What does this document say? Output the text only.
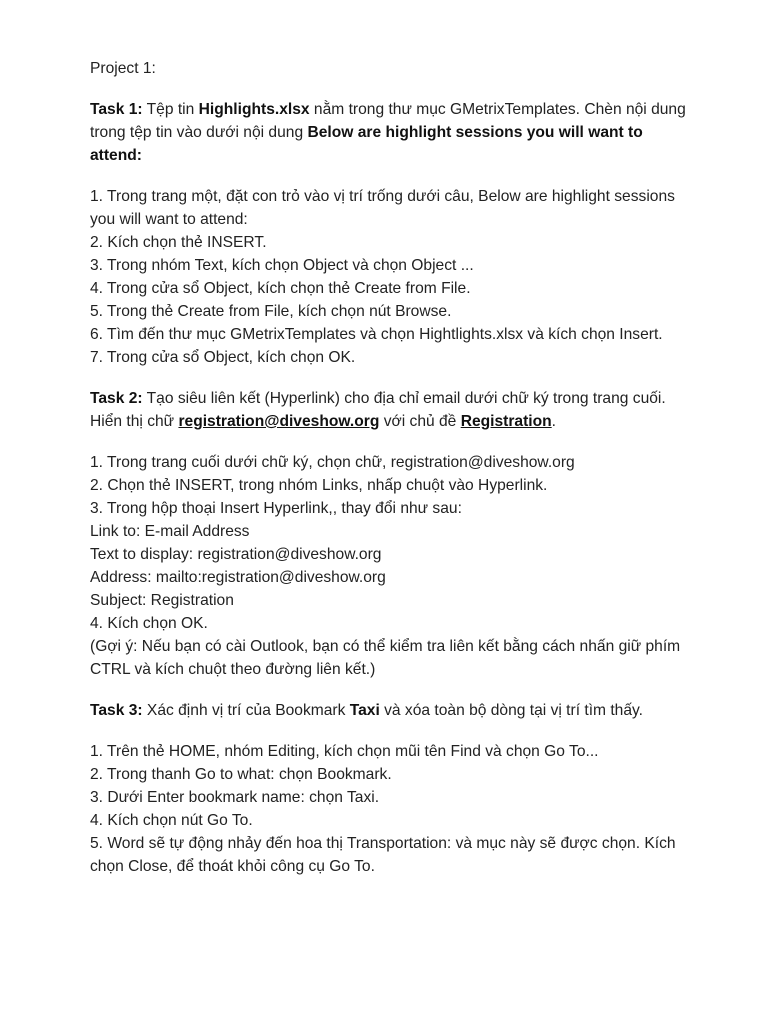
Project 1:

Task 1: Tệp tin Highlights.xlsx nằm trong thư mục GMetrixTemplates. Chèn nội dung trong tệp tin vào dưới nội dung Below are highlight sessions you will want to attend:

1. Trong trang một, đặt con trỏ vào vị trí trống dưới câu, Below are highlight sessions you will want to attend:

2. Kích chọn thẻ INSERT.

3. Trong nhóm Text, kích chọn Object và chọn Object ...

4. Trong cửa sổ Object, kích chọn thẻ Create from File.

5. Trong thẻ Create from File, kích chọn nút Browse.

6. Tìm đến thư mục GMetrixTemplates và chọn Hightlights.xlsx và kích chọn Insert.

7. Trong cửa sổ Object, kích chọn OK.

Task 2: Tạo siêu liên kết (Hyperlink) cho địa chỉ email dưới chữ ký trong trang cuối. Hiển thị chữ registration@diveshow.org với chủ đề Registration.

1. Trong trang cuối dưới chữ ký, chọn chữ, registration@diveshow.org

2. Chọn thẻ INSERT, trong nhóm Links, nhấp chuột vào Hyperlink.

3. Trong hộp thoại Insert Hyperlink,, thay đổi như sau:

Link to: E-mail Address

Text to display: registration@diveshow.org

Address: mailto:registration@diveshow.org

Subject: Registration

4. Kích chọn OK.

(Gợi ý: Nếu bạn có cài Outlook, bạn có thể kiểm tra liên kết bằng cách nhấn giữ phím CTRL và kích chuột theo đường liên kết.)

Task 3: Xác định vị trí của Bookmark Taxi và xóa toàn bộ dòng tại vị trí tìm thấy.

1. Trên thẻ HOME, nhóm Editing, kích chọn mũi tên Find và chọn Go To...

2. Trong thanh Go to what: chọn Bookmark.

3. Dưới Enter bookmark name: chọn Taxi.

4. Kích chọn nút Go To.

5. Word sẽ tự động nhảy đến hoa thị Transportation: và mục này sẽ được chọn. Kích chọn Close, để thoát khỏi công cụ Go To.
